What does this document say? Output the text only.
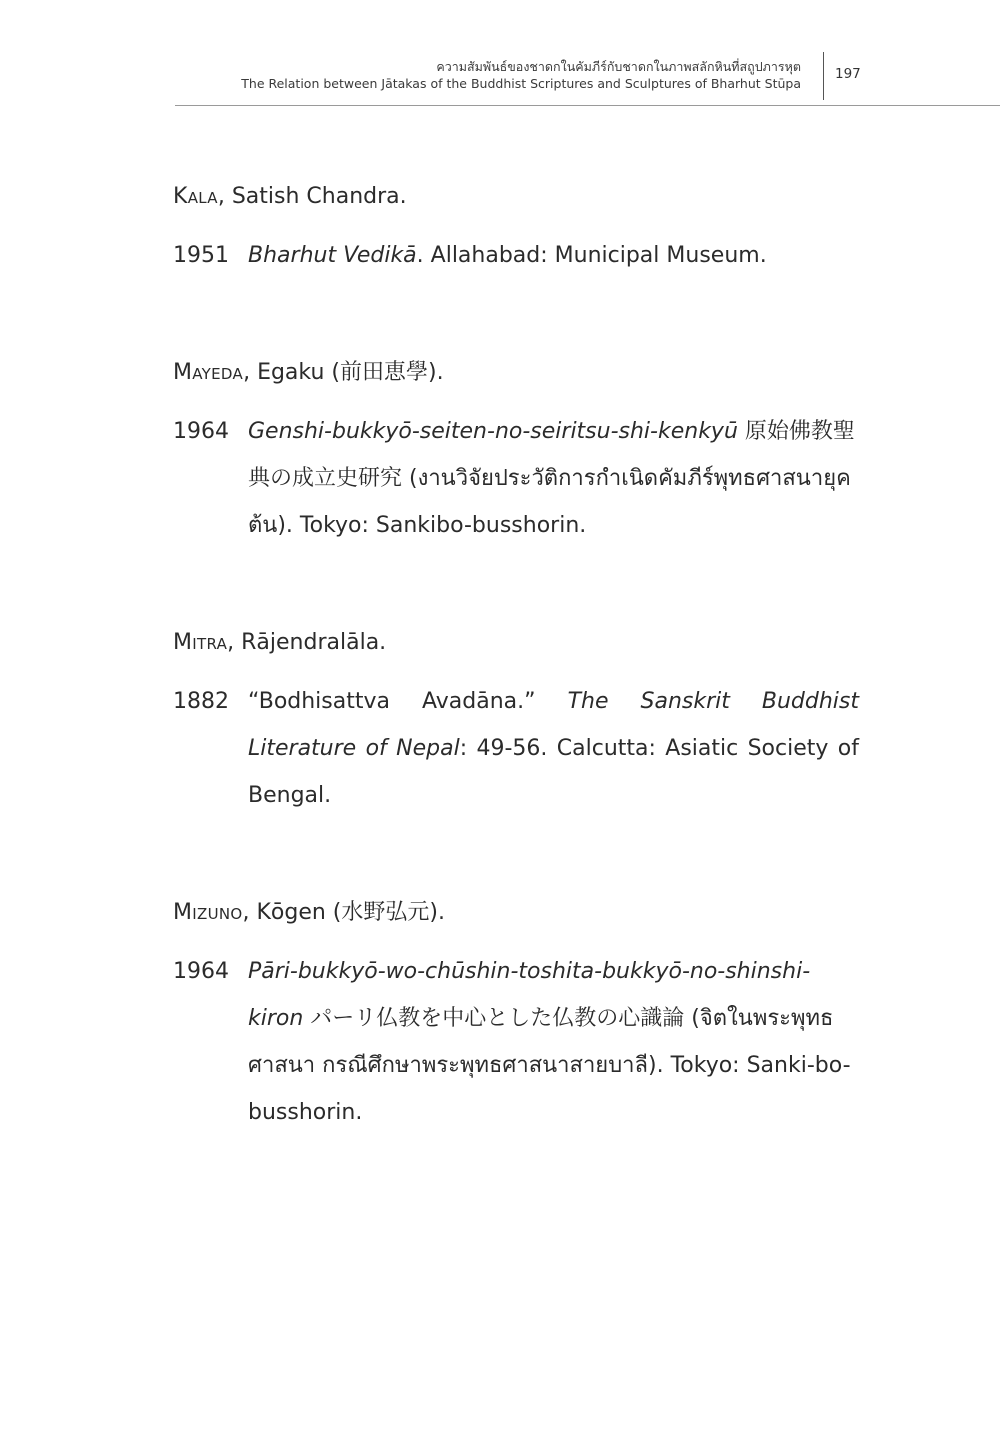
ความสัมพันธ์ของชาดกในคัมภีร์กับชาดกในภาพสลักหินที่สถูปภารหุต
The Relation between Jātakas of the Buddhist Scriptures and Sculptures of Bharhut Stūpa
197

Kala, Satish Chandra.

1951 Bharhut Vedikā. Allahabad: Municipal Museum.

Mayeda, Egaku (前田恵學).

1964 Genshi-bukkyō-seiten-no-seiritsu-shi-kenkyū 原始佛教聖典の成立史研究 (งานวิจัยประวัติการกำเนิดคัมภีร์พุทธศาสนายุคต้น). Tokyo: Sankibo-busshorin.

Mitra, Rājendralāla.

1882 “Bodhisattva Avadāna.” The Sanskrit Buddhist Literature of Nepal: 49-56. Calcutta: Asiatic Society of Bengal.

Mizuno, Kōgen (水野弘元).

1964 Pāri-bukkyō-wo-chūshin-toshita-bukkyō-no-shinshi-kiron パーリ仏教を中心とした仏教の心識論 (จิตในพระพุทธศาสนา กรณีศึกษาพระพุทธศาสนาสายบาลี). Tokyo: Sanki-bo-busshorin.
